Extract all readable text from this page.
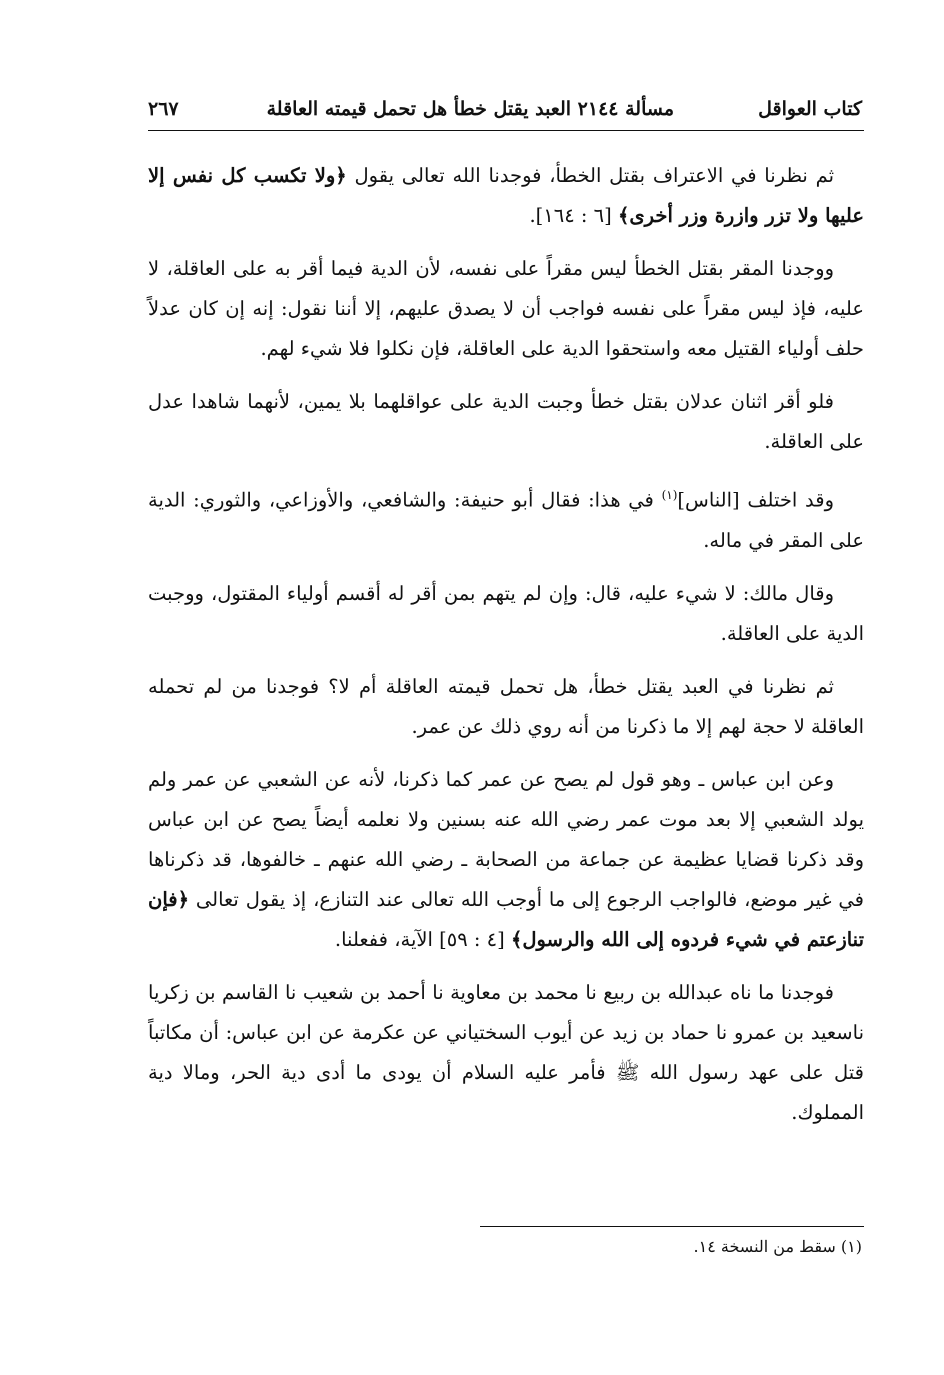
كتاب العواقل
مسألة ٢١٤٤ العبد يقتل خطأ هل تحمل قيمته العاقلة
٢٦٧

ثم نظرنا في الاعتراف بقتل الخطأ، فوجدنا الله تعالى يقول ﴿ولا تكسب كل نفس إلا عليها ولا تزر وازرة وزر أخرى﴾ [٦ : ١٦٤].

ووجدنا المقر بقتل الخطأ ليس مقراً على نفسه، لأن الدية فيما أقر به على العاقلة، لا عليه، فإذ ليس مقراً على نفسه فواجب أن لا يصدق عليهم، إلا أننا نقول: إنه إن كان عدلاً حلف أولياء القتيل معه واستحقوا الدية على العاقلة، فإن نكلوا فلا شيء لهم.

فلو أقر اثنان عدلان بقتل خطأ وجبت الدية على عواقلهما بلا يمين، لأنهما شاهدا عدل على العاقلة.

وقد اختلف [الناس]$^{(١)}$ في هذا: فقال أبو حنيفة: والشافعي، والأوزاعي، والثوري: الدية على المقر في ماله.

وقال مالك: لا شيء عليه، قال: وإن لم يتهم بمن أقر له أقسم أولياء المقتول، ووجبت الدية على العاقلة.

ثم نظرنا في العبد يقتل خطأ، هل تحمل قيمته العاقلة أم لا؟ فوجدنا من لم تحمله العاقلة لا حجة لهم إلا ما ذكرنا من أنه روي ذلك عن عمر.

وعن ابن عباس ـ وهو قول لم يصح عن عمر كما ذكرنا، لأنه عن الشعبي عن عمر ولم يولد الشعبي إلا بعد موت عمر رضي الله عنه بسنين ولا نعلمه أيضاً يصح عن ابن عباس وقد ذكرنا قضايا عظيمة عن جماعة من الصحابة ـ رضي الله عنهم ـ خالفوها، قد ذكرناها في غير موضع، فالواجب الرجوع إلى ما أوجب الله تعالى عند التنازع، إذ يقول تعالى ﴿فإن تنازعتم في شيء فردوه إلى الله والرسول﴾ [٤ : ٥٩] الآية، ففعلنا.

فوجدنا ما ناه عبدالله بن ربيع نا محمد بن معاوية نا أحمد بن شعيب نا القاسم بن زكريا ناسعيد بن عمرو نا حماد بن زيد عن أيوب السختياني عن عكرمة عن ابن عباس: أن مكاتباً قتل على عهد رسول الله ﷺ فأمر عليه السلام أن يودى ما أدى دية الحر، ومالا دية المملوك.

(١) سقط من النسخة ١٤.
